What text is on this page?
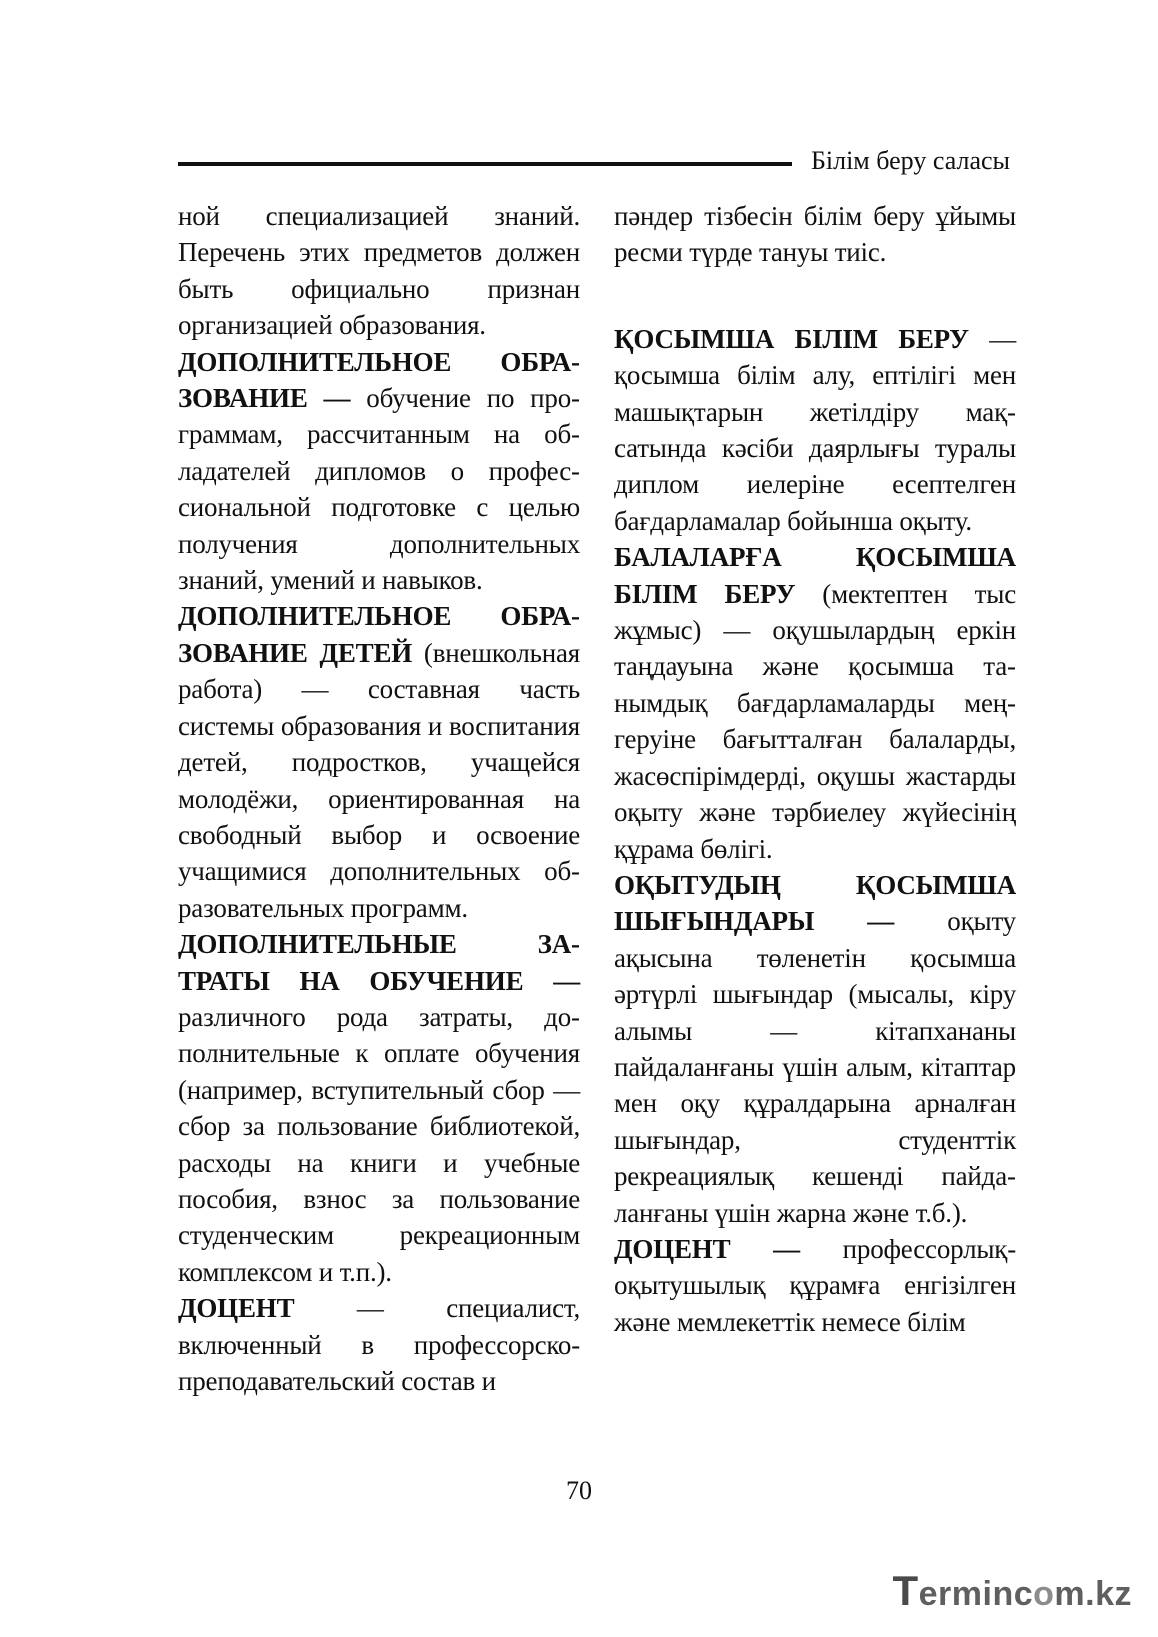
Білім беру саласы

ной специализацией знаний. Перечень этих предметов должен быть официально признан организацией образования.

ДОПОЛНИТЕЛЬНОЕ ОБРАЗОВАНИЕ — обучение по программам, рассчитанным на обладателей дипломов о профессиональной подготовке с целью получения дополнительных знаний, умений и навыков.

ДОПОЛНИТЕЛЬНОЕ ОБРАЗОВАНИЕ ДЕТЕЙ (внешкольная работа) — составная часть системы образования и воспитания детей, подростков, учащейся молодёжи, ориентированная на свободный выбор и освоение учащимися дополнительных образовательных программ.

ДОПОЛНИТЕЛЬНЫЕ ЗАТРАТЫ НА ОБУЧЕНИЕ — различного рода затраты, дополнительные к оплате обучения (например, вступительный сбор — сбор за пользование библиотекой, расходы на книги и учебные пособия, взнос за пользование студенческим рекреационным комплексом и т.п.).

ДОЦЕНТ — специалист, включенный в профессорско-преподавательский состав и

пәндер тізбесін білім беру ұйымы ресми түрде тануы тиіс.

ҚОСЫМША БІЛІМ БЕРУ — қосымша білім алу, ептілігі мен машықтарын жетілдіру мақсатында кәсіби даярлығы туралы диплом иелеріне есептелген бағдарламалар бойынша оқыту.

БАЛАЛАРҒА ҚОСЫМША БІЛІМ БЕРУ (мектептен тыс жұмыс) — оқушылардың еркін таңдауына және қосымша танымдық бағдарламаларды меңгеруіне бағытталған балаларды, жасөспірімдерді, оқушы жастарды оқыту және тәрбиелеу жүйесінің құрама бөлігі.

ОҚЫТУДЫҢ ҚОСЫМША ШЫҒЫНДАРЫ — оқыту ақысына төленетін қосымша әртүрлі шығындар (мысалы, кіру алымы — кітапхананы пайдаланғаны үшін алым, кітаптар мен оқу құралдарына арналған шығындар, студенттік рекреациялық кешенді пайдаланғаны үшін жарна және т.б.).

ДОЦЕНТ — профессорлық-оқытушылық құрамға енгізілген және мемлекеттік немесе білім

70
Termincom.kz
